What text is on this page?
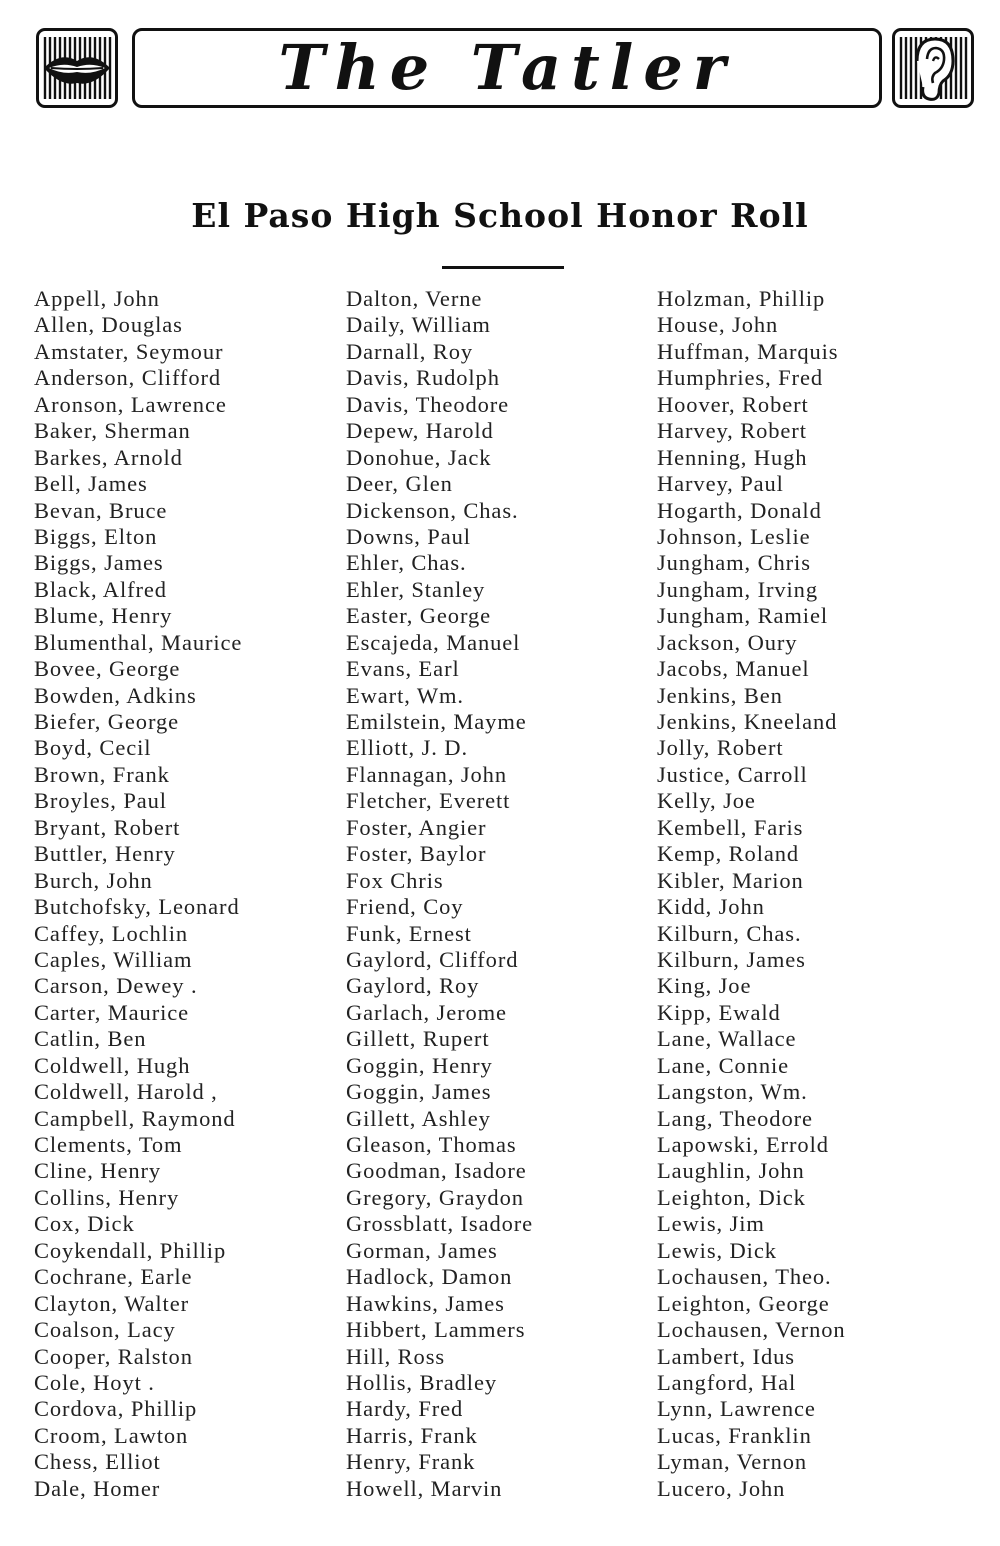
The Tatler
El Paso High School Honor Roll
Appell, John
Allen, Douglas
Amstater, Seymour
Anderson, Clifford
Aronson, Lawrence
Baker, Sherman
Barkes, Arnold
Bell, James
Bevan, Bruce
Biggs, Elton
Biggs, James
Black, Alfred
Blume, Henry
Blumenthal, Maurice
Bovee, George
Bowden, Adkins
Biefer, George
Boyd, Cecil
Brown, Frank
Broyles, Paul
Bryant, Robert
Buttler, Henry
Burch, John
Butchofsky, Leonard
Caffey, Lochlin
Caples, William
Carson, Dewey .
Carter, Maurice
Catlin, Ben
Coldwell, Hugh
Coldwell, Harold ,
Campbell, Raymond
Clements, Tom
Cline, Henry
Collins, Henry
Cox, Dick
Coykendall, Phillip
Cochrane, Earle
Clayton, Walter
Coalson, Lacy
Cooper, Ralston
Cole, Hoyt .
Cordova, Phillip
Croom, Lawton
Chess, Elliot
Dale, Homer
Dalton, Verne
Daily, William
Darnall, Roy
Davis, Rudolph
Davis, Theodore
Depew, Harold
Donohue, Jack
Deer, Glen
Dickenson, Chas.
Downs, Paul
Ehler, Chas.
Ehler, Stanley
Easter, George
Escajeda, Manuel
Evans, Earl
Ewart, Wm.
Emilstein, Mayme
Elliott, J. D.
Flannagan, John
Fletcher, Everett
Foster, Angier
Foster, Baylor
Fox Chris
Friend, Coy
Funk, Ernest
Gaylord, Clifford
Gaylord, Roy
Garlach, Jerome
Gillett, Rupert
Goggin, Henry
Goggin, James
Gillett, Ashley
Gleason, Thomas
Goodman, Isadore
Gregory, Graydon
Grossblatt, Isadore
Gorman, James
Hadlock, Damon
Hawkins, James
Hibbert, Lammers
Hill, Ross
Hollis, Bradley
Hardy, Fred
Harris, Frank
Henry, Frank
Howell, Marvin
Holzman, Phillip
House, John
Huffman, Marquis
Humphries, Fred
Hoover, Robert
Harvey, Robert
Henning, Hugh
Harvey, Paul
Hogarth, Donald
Johnson, Leslie
Jungham, Chris
Jungham, Irving
Jungham, Ramiel
Jackson, Oury
Jacobs, Manuel
Jenkins, Ben
Jenkins, Kneeland
Jolly, Robert
Justice, Carroll
Kelly, Joe
Kembell, Faris
Kemp, Roland
Kibler, Marion
Kidd, John
Kilburn, Chas.
Kilburn, James
King, Joe
Kipp, Ewald
Lane, Wallace
Lane, Connie
Langston, Wm.
Lang, Theodore
Lapowski, Errold
Laughlin, John
Leighton, Dick
Lewis, Jim
Lewis, Dick
Lochausen, Theo.
Leighton, George
Lochausen, Vernon
Lambert, Idus
Langford, Hal
Lynn, Lawrence
Lucas, Franklin
Lyman, Vernon
Lucero, John
